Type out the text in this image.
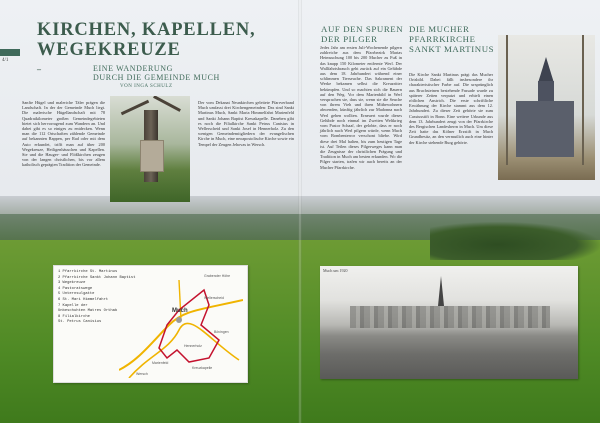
4/1
KIRCHEN, KAPELLEN,
WEGEKREUZE
–	EINE WANDERUNG
DURCH DIE GEMEINDE MUCH
VON INGA SCHULZ

Sanfte Hügel und maleriche Täler prägen die Landschaft. In der der Gemeinde Much liegt. Die malerische Hügellandschaft mit 78 Quadratkilometer großen Gemeindegebieten bietet sich hervorragend zum Wandern an. Und dabei gibt es so einiges zu entdecken. Wenn man die 112 Ortschaften zählende Gemeinde auf bekannten Rappen, per Rad oder mit dem Auto erkundet, trifft man auf über 200 Wegekreuze, Heiligenhäuschen und Kapellen. Sie und die Hauger- und Flößkirchen zeugen von der langen christlichen, bis vor allem katholisch geprägten Tradition der Gemeinde.

Der vom Dekanat Neunkirchen geleitete Pfarrverband Much umfasst drei Kirchengemeinden: Das sind Sankt Martinus Much, Sankt Maria Himmelfahrt Marienfeld und Sankt Johann Baptist Kreuzkapelle. Daneben gibt es noch die Filialkirche Sankt Petrus Canisius in Wellerscheid und Sankt Josef in Hennerholz. Zu den wenigen Gemeindemitgliedern der evangelischen Kirche in Much, eine neoapostolische Kirche sowie ein Tempel der Zeugen Jehovas in Wersch.

AUF DEN SPUREN
DER PILGER

Jedes Jahr am ersten Juli-Wochenende pilgern zahlreiche aus dem Pfarrbezirk Marias Heimsuchung 100 bis 200 Mucher zu Fuß in das knapp 150 Kilometer entfernte Werl. Der Wallfahrtsbrauch geht zurück auf ein Gelübde aus dem 18. Jahrhundert während einer schlimmen Tierseuche. Das Sakrament der Werke bekamen selbst die Kreuzritter bekümpfen. Und so machten sich die Bauern auf den Weg. Vor dem Marienbild in Werl versprachen sie, dass sie, wenn sie die Seuche von ihrem Vieh und ihren Mitbewohnern abwenden, künftig jährlich zur Madonna nach Werl gehen wollten. Erneuert wurde dieses Gelübde noch einmal im Zweiten Weltkrieg vom Pastor Schaaf, der gelobte, dass er noch jährlich nach Werl pilgern würde, wenn Much vom Bombenterror verschont bliebe. Wird diese drei Mal halten, bis zum heutigen Tage ist. Auf Teilen dieses Pilgerweges kann man die Zeugnisse der christlichen Prägung und Tradition in Much am besten erkunden. Wo die Pilger starten, trafen wir auch bereits an der Mucher Pfarrkirche.

DIE MUCHER
PFARRKIRCHE
SANKT MARTINUS

Die Kirche Sankt Martinus prägt das Mucher Ortsbild. Dabei fällt insbesondere ihr charakteristischer Farbe auf. Die ursprünglich aus Bruchsteinen bestehende Fassade wurde zu späterer Zeiten verputzt und erhielt einen rötlichen Anstrich. Die erste schriftliche Erwähnung der Kirche stammt aus dem 12. Jahrhundert. Zu dieser Zeit gehörte sie zum Cassiusstift in Bonn. Eine weitere Urkunde aus dem 13. Jahrhundert zeugt von der Pfarrkirche des Bergischen Landesherrn in Much. Um diese Zeit hatte das Kölner Erzstift in Much Grundbesitz, an den vermutlich auch eine hinter der Kirche stehende Burg gehörte.

1 Pfarrkirche St. Martinus
2 Pfarrkirche Sankt Johann Baptist
3 Wegekreuze
4 Pastoratswege
5 Unternsulgatte
6 St. Mari Himmelfahrt
7 Kapelle der
Unbeschuhten Matres Orthab
8 Filialkirche
St. Petrus Canisius
Much
Grabender Höhe
Wellerscheid
Bövingen
Hennerholz
Marienfeld
Kreuzkapelle
Wersch
Much um 1920
